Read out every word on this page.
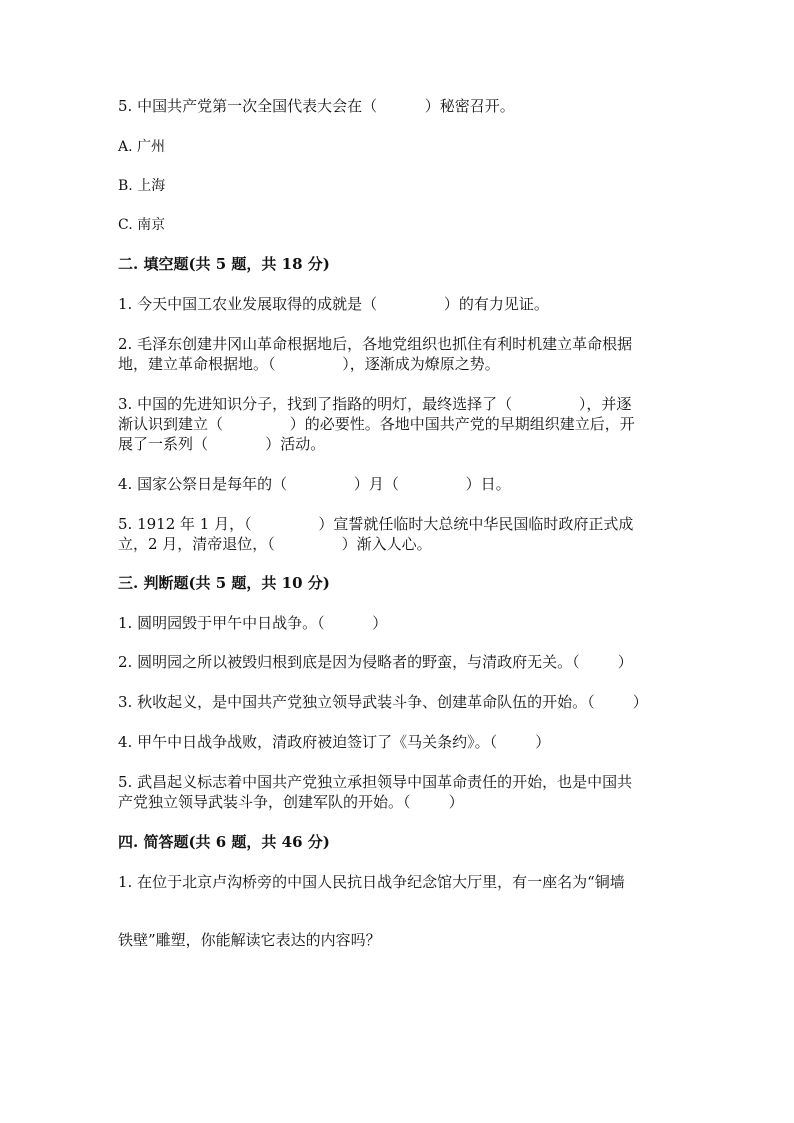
5. 中国共产党第一次全国代表大会在（          ）秘密召开。
A. 广州
B. 上海
C. 南京
二. 填空题(共 5 题，共 18 分)
1. 今天中国工农业发展取得的成就是（              ）的有力见证。
2. 毛泽东创建井冈山革命根据地后，各地党组织也抓住有利时机建立革命根据
地，建立革命根据地。（              ），逐渐成为燎原之势。
3. 中国的先进知识分子，找到了指路的明灯，最终选择了（              ），并逐
渐认识到建立（              ）的必要性。各地中国共产党的早期组织建立后，开
展了一系列（            ）活动。
4. 国家公祭日是每年的（              ）月（              ）日。
5. 1912 年 1 月，（              ）宣誓就任临时大总统中华民国临时政府正式成
立，2 月，清帝退位，（              ）渐入人心。
三. 判断题(共 5 题，共 10 分)
1. 圆明园毁于甲午中日战争。（          ）
2. 圆明园之所以被毁归根到底是因为侵略者的野蛮，与清政府无关。（        ）
3. 秋收起义，是中国共产党独立领导武装斗争、创建革命队伍的开始。（        ）
4. 甲午中日战争战败，清政府被迫签订了《马关条约》。（        ）
5. 武昌起义标志着中国共产党独立承担领导中国革命责任的开始，也是中国共
产党独立领导武装斗争，创建军队的开始。（        ）
四. 简答题(共 6 题，共 46 分)
1. 在位于北京卢沟桥旁的中国人民抗日战争纪念馆大厅里，有一座名为“铜墙
铁壁”雕塑，你能解读它表达的内容吗？
